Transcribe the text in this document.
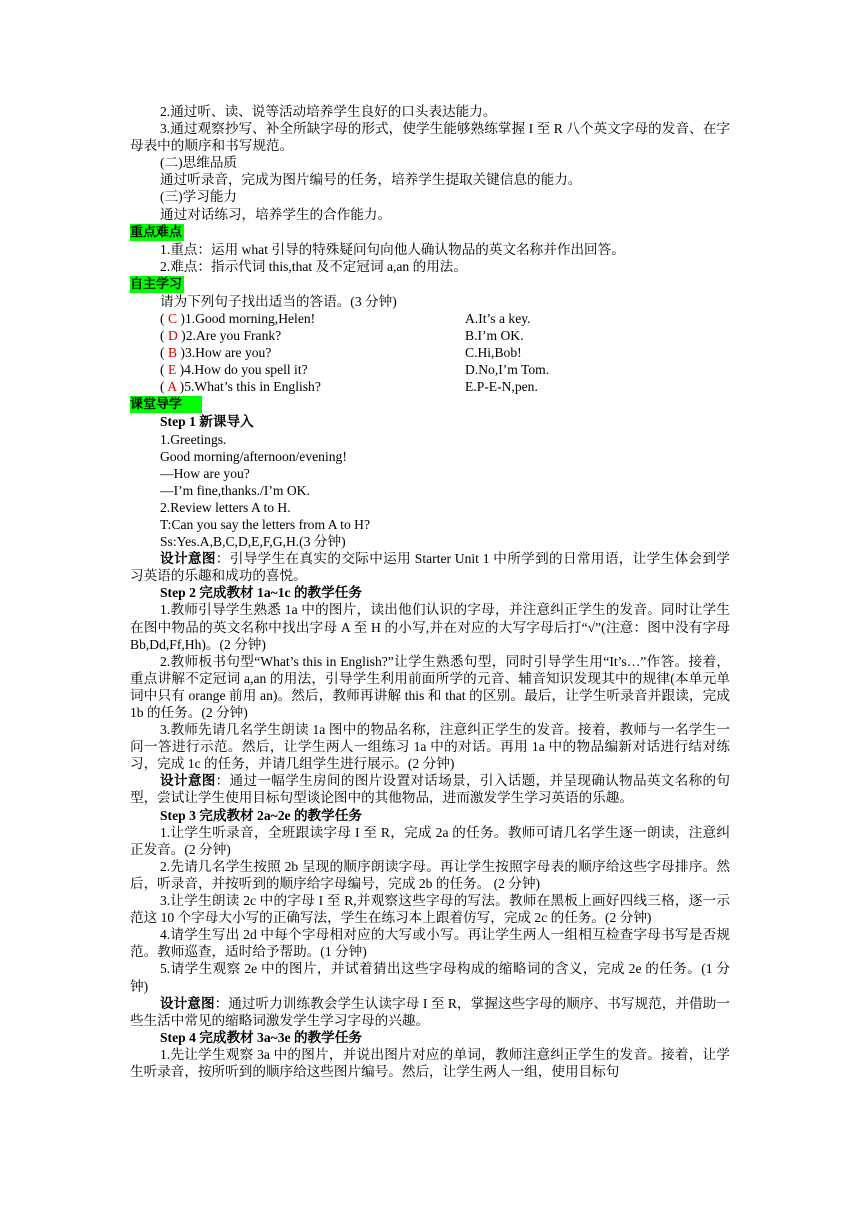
2.通过听、读、说等活动培养学生良好的口头表达能力。

3.通过观察抄写、补全所缺字母的形式，使学生能够熟练掌握 I 至 R 八个英文字母的发音、在字母表中的顺序和书写规范。

(二)思维品质

通过听录音，完成为图片编号的任务，培养学生提取关键信息的能力。

(三)学习能力

通过对话练习，培养学生的合作能力。

重点难点

1.重点：运用 what 引导的特殊疑问句向他人确认物品的英文名称并作出回答。

2.难点：指示代词 this,that 及不定冠词 a,an 的用法。

自主学习

请为下列句子找出适当的答语。(3 分钟)

( C )1.Good morning,Helen!	A.It’s a key.
( D )2.Are you Frank?	B.I’m OK.
( B )3.How are you?	C.Hi,Bob!
( E )4.How do you spell it?	D.No,I’m Tom.
( A )5.What’s this in English?	E.P-E-N,pen.
课堂导学

Step 1 新课导入

1.Greetings.

Good morning/afternoon/evening!

—How are you?

—I’m fine,thanks./I’m OK.

2.Review letters A to H.

T:Can you say the letters from A to H?

Ss:Yes.A,B,C,D,E,F,G,H.(3 分钟)

设计意图：引导学生在真实的交际中运用 Starter Unit 1 中所学到的日常用语，让学生体会到学习英语的乐趣和成功的喜悦。

Step 2 完成教材 1a~1c 的教学任务

1.教师引导学生熟悉 1a 中的图片，读出他们认识的字母，并注意纠正学生的发音。同时让学生在图中物品的英文名称中找出字母 A 至 H 的小写,并在对应的大写字母后打“√”(注意：图中没有字母 Bb,Dd,Ff,Hh)。(2 分钟)

2.教师板书句型“What’s this in English?”让学生熟悉句型，同时引导学生用“It’s…”作答。接着，重点讲解不定冠词 a,an 的用法，引导学生利用前面所学的元音、辅音知识发现其中的规律(本单元单词中只有 orange 前用 an)。然后，教师再讲解 this 和 that 的区别。最后，让学生听录音并跟读，完成 1b 的任务。(2 分钟)

3.教师先请几名学生朗读 1a 图中的物品名称，注意纠正学生的发音。接着，教师与一名学生一问一答进行示范。然后，让学生两人一组练习 1a 中的对话。再用 1a 中的物品编新对话进行结对练习，完成 1c 的任务，并请几组学生进行展示。(2 分钟)

设计意图：通过一幅学生房间的图片设置对话场景，引入话题，并呈现确认物品英文名称的句型，尝试让学生使用目标句型谈论图中的其他物品，进而激发学生学习英语的乐趣。

Step 3 完成教材 2a~2e 的教学任务

1.让学生听录音，全班跟读字母 I 至 R，完成 2a 的任务。教师可请几名学生逐一朗读，注意纠正发音。(2 分钟)

2.先请几名学生按照 2b 呈现的顺序朗读字母。再让学生按照字母表的顺序给这些字母排序。然后，听录音，并按听到的顺序给字母编号，完成 2b 的任务。 (2 分钟)

3.让学生朗读 2c 中的字母 I 至 R,并观察这些字母的写法。教师在黑板上画好四线三格，逐一示范这 10 个字母大小写的正确写法，学生在练习本上跟着仿写，完成 2c 的任务。(2 分钟)

4.请学生写出 2d 中每个字母相对应的大写或小写。再让学生两人一组相互检查字母书写是否规范。教师巡查，适时给予帮助。(1 分钟)

5.请学生观察 2e 中的图片，并试着猜出这些字母构成的缩略词的含义，完成 2e 的任务。(1 分钟)

设计意图：通过听力训练教会学生认读字母 I 至 R，掌握这些字母的顺序、书写规范，并借助一些生活中常见的缩略词激发学生学习字母的兴趣。

Step 4 完成教材 3a~3e 的教学任务

1.先让学生观察 3a 中的图片，并说出图片对应的单词，教师注意纠正学生的发音。接着，让学生听录音，按所听到的顺序给这些图片编号。然后，让学生两人一组，使用目标句
